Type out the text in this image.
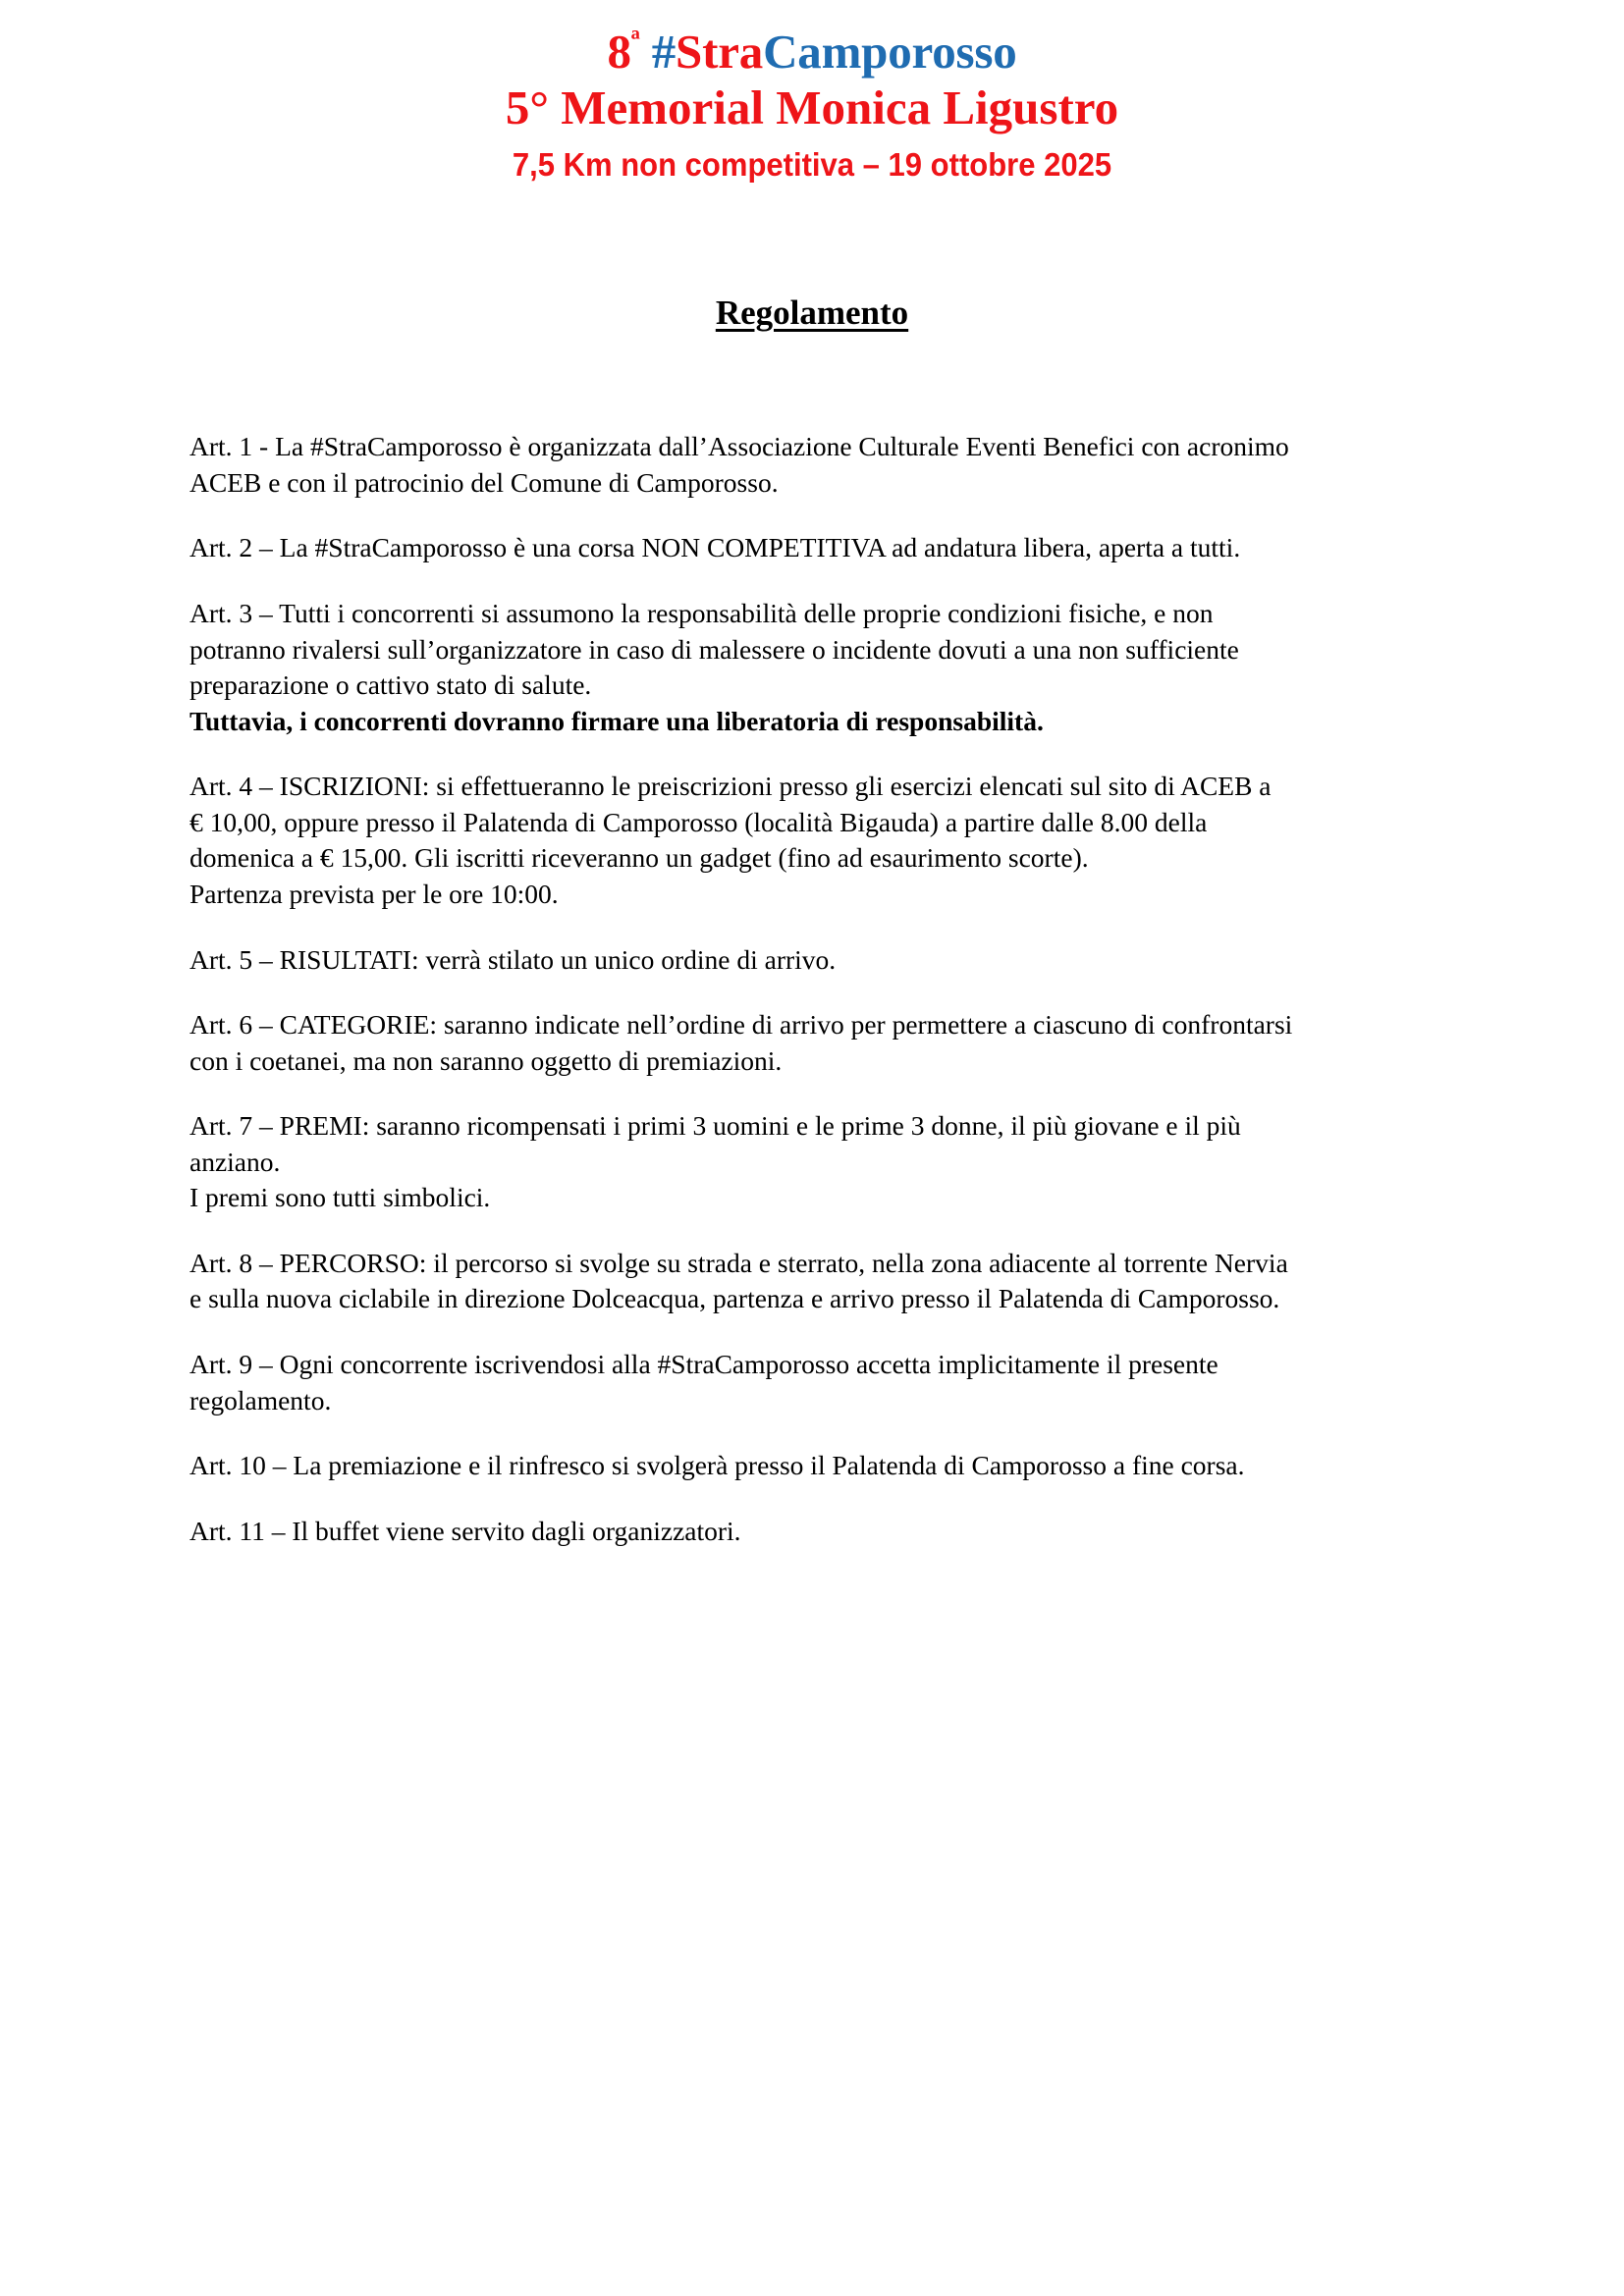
$8^ª$ #StraCamporosso
5° Memorial Monica Ligustro
7,5 Km non competitiva – 19 ottobre 2025
Regolamento

Art. 1 - La #StraCamporosso è organizzata dall’Associazione Culturale Eventi Benefici con acronimo
ACEB e con il patrocinio del Comune di Camporosso.

Art. 2 – La #StraCamporosso è una corsa NON COMPETITIVA ad andatura libera, aperta a tutti.

Art. 3 – Tutti i concorrenti si assumono la responsabilità delle proprie condizioni fisiche, e non
potranno rivalersi sull’organizzatore in caso di malessere o incidente dovuti a una non sufficiente
preparazione o cattivo stato di salute.
Tuttavia, i concorrenti dovranno firmare una liberatoria di responsabilità.

Art. 4 – ISCRIZIONI: si effettueranno le preiscrizioni presso gli esercizi elencati sul sito di ACEB a
€ 10,00, oppure presso il Palatenda di Camporosso (località Bigauda) a partire dalle 8.00 della
domenica a € 15,00. Gli iscritti riceveranno un gadget (fino ad esaurimento scorte).
Partenza prevista per le ore 10:00.

Art. 5 – RISULTATI: verrà stilato un unico ordine di arrivo.

Art. 6 – CATEGORIE: saranno indicate nell’ordine di arrivo per permettere a ciascuno di confrontarsi
con i coetanei, ma non saranno oggetto di premiazioni.

Art. 7 – PREMI: saranno ricompensati i primi 3 uomini e le prime 3 donne, il più giovane e il più
anziano.
I premi sono tutti simbolici.

Art. 8 – PERCORSO: il percorso si svolge su strada e sterrato, nella zona adiacente al torrente Nervia
e sulla nuova ciclabile in direzione Dolceacqua, partenza e arrivo presso il Palatenda di Camporosso.

Art. 9 – Ogni concorrente iscrivendosi alla #StraCamporosso accetta implicitamente il presente
regolamento.

Art. 10 – La premiazione e il rinfresco si svolgerà presso il Palatenda di Camporosso a fine corsa.

Art. 11 – Il buffet viene servito dagli organizzatori.
